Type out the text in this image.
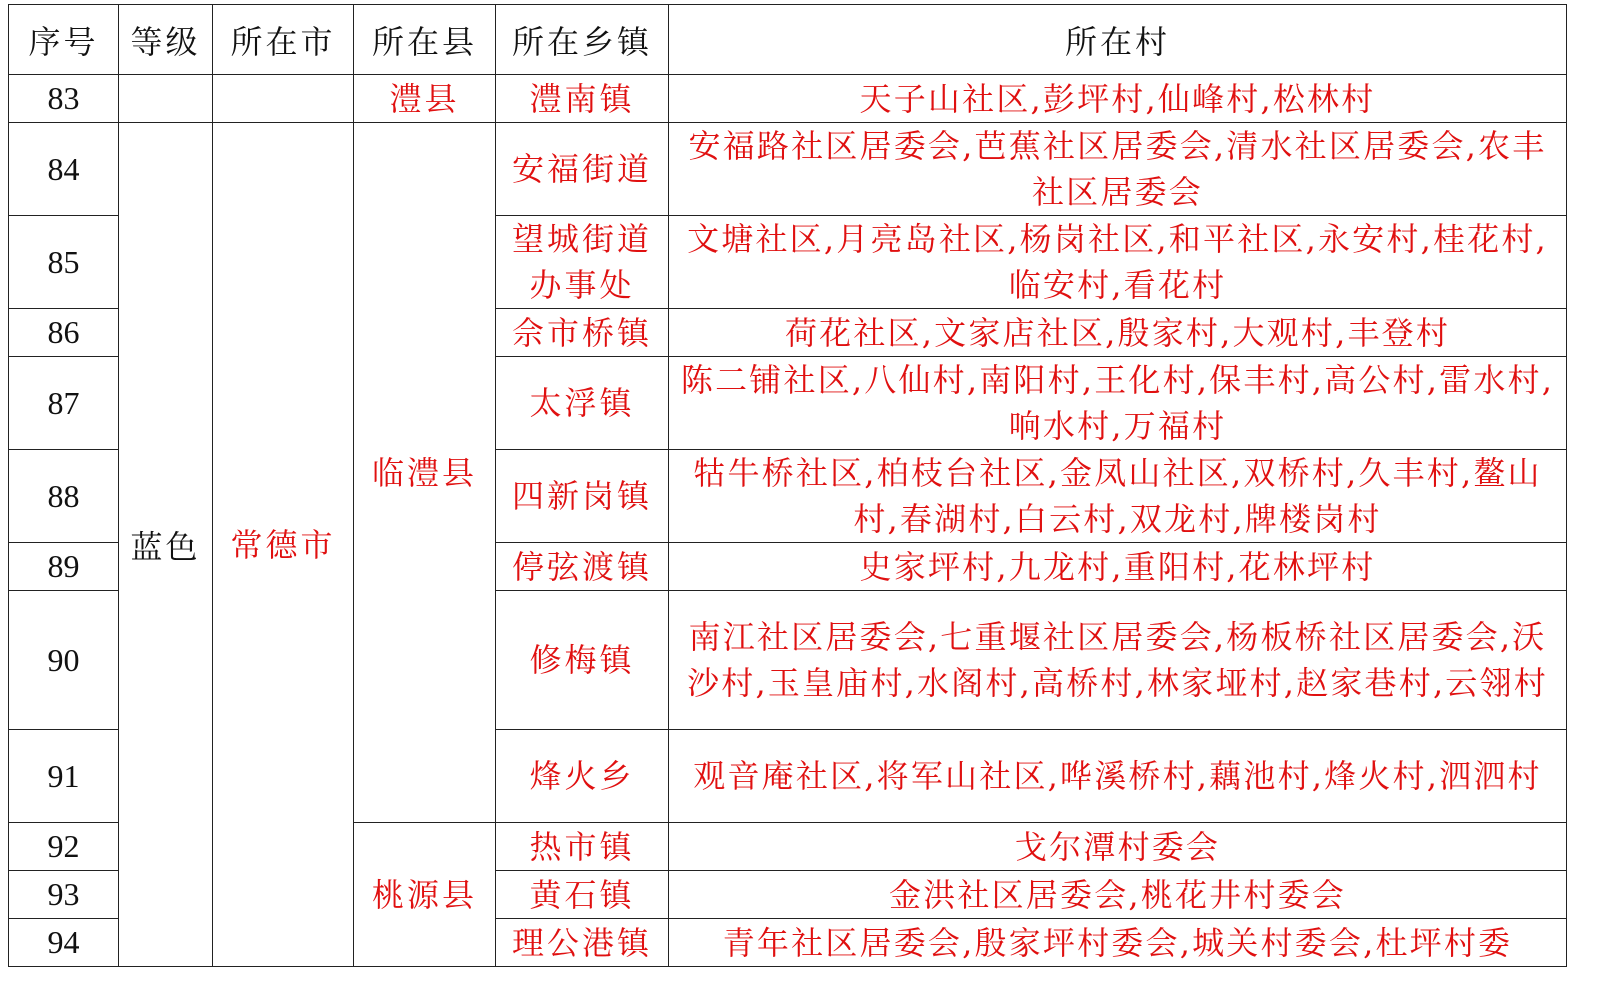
序号	等级	所在市	所在县	所在乡镇	所在村
83			澧县	澧南镇	天子山社区,彭坪村,仙峰村,松林村
84	蓝色	常德市	临澧县	安福街道	安福路社区居委会,芭蕉社区居委会,清水社区居委会,农丰社区居委会
85				望城街道办事处	文塘社区,月亮岛社区,杨岗社区,和平社区,永安村,桂花村,临安村,看花村
86				佘市桥镇	荷花社区,文家店社区,殷家村,大观村,丰登村
87				太浮镇	陈二铺社区,八仙村,南阳村,王化村,保丰村,高公村,雷水村,响水村,万福村
88				四新岗镇	牯牛桥社区,柏枝台社区,金凤山社区,双桥村,久丰村,鳌山村,春湖村,白云村,双龙村,牌楼岗村
89				停弦渡镇	史家坪村,九龙村,重阳村,花林坪村
90				修梅镇	南江社区居委会,七重堰社区居委会,杨板桥社区居委会,沃沙村,玉皇庙村,水阁村,高桥村,林家垭村,赵家巷村,云翎村
91				烽火乡	观音庵社区,将军山社区,哗溪桥村,藕池村,烽火村,泗泗村
92			桃源县	热市镇	戈尔潭村委会
93				黄石镇	金洪社区居委会,桃花井村委会
94				理公港镇	青年社区居委会,殷家坪村委会,城关村委会,杜坪村委
